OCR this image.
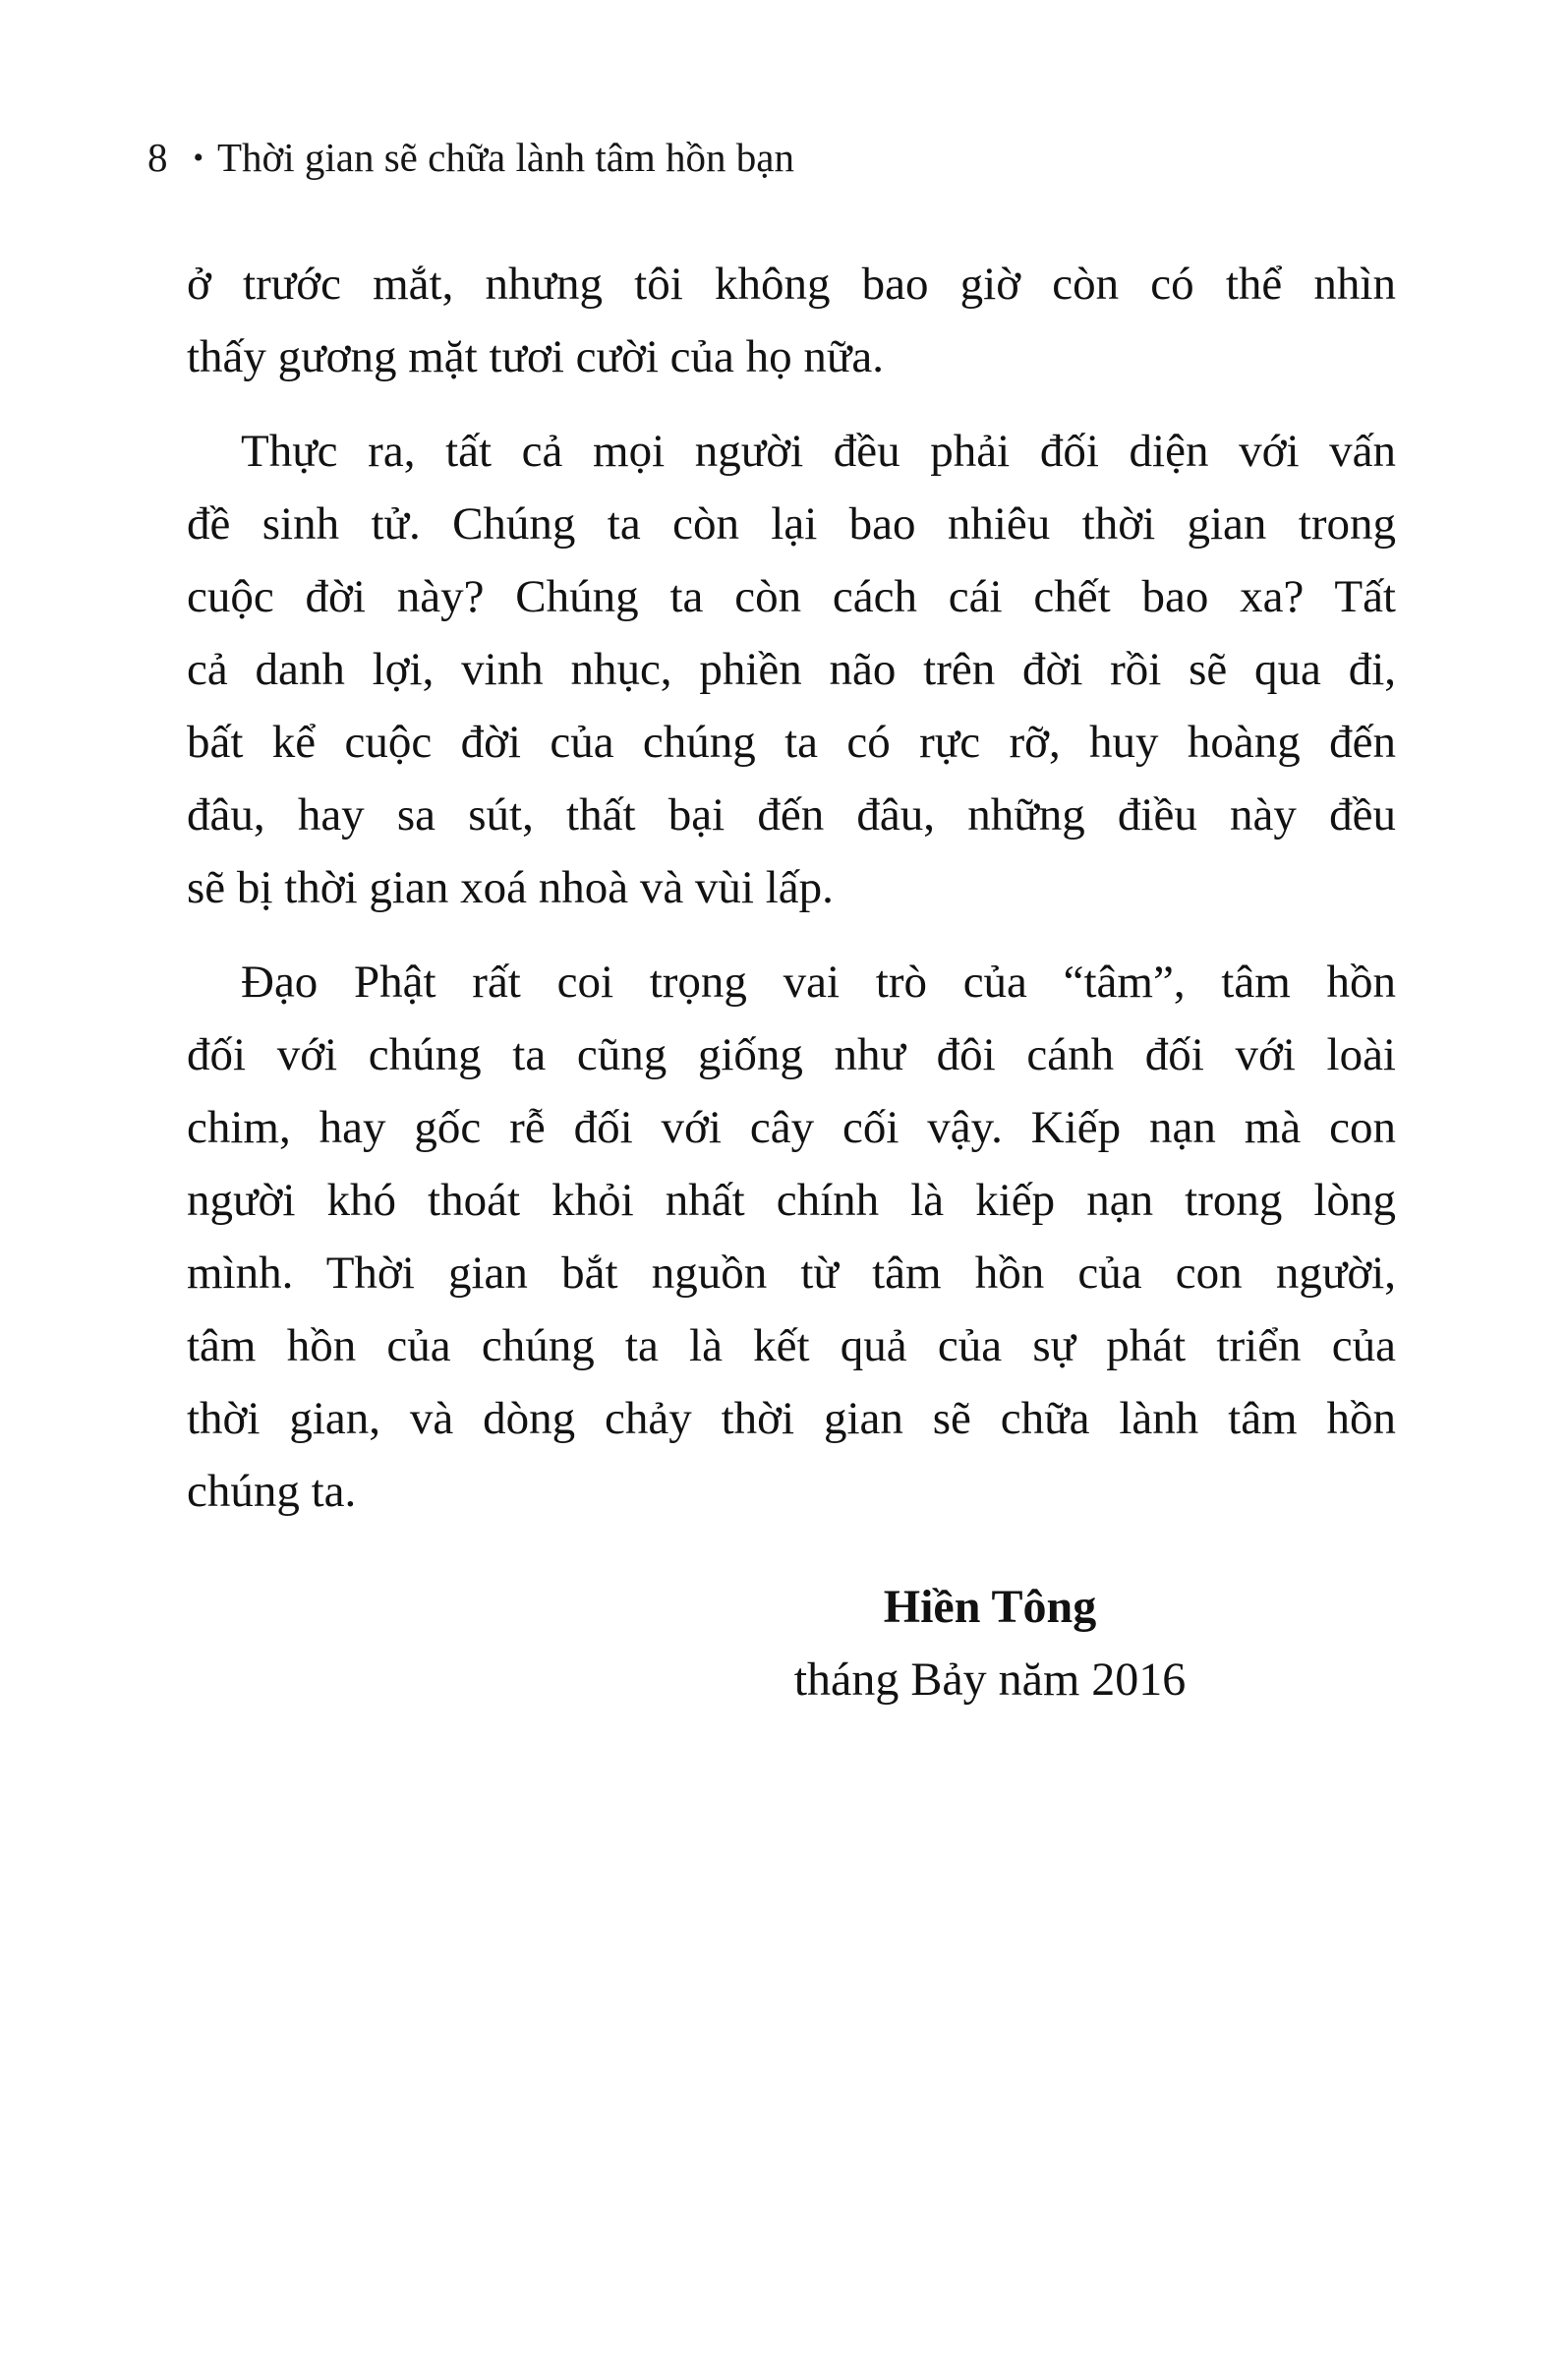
8 • Thời gian sẽ chữa lành tâm hồn bạn
ở trước mắt, nhưng tôi không bao giờ còn có thể nhìn
thấy gương mặt tươi cười của họ nữa.
Thực ra, tất cả mọi người đều phải đối diện với vấn
đề sinh tử. Chúng ta còn lại bao nhiêu thời gian trong
cuộc đời này? Chúng ta còn cách cái chết bao xa? Tất
cả danh lợi, vinh nhục, phiền não trên đời rồi sẽ qua đi,
bất kể cuộc đời của chúng ta có rực rỡ, huy hoàng đến
đâu, hay sa sút, thất bại đến đâu, những điều này đều
sẽ bị thời gian xoá nhoà và vùi lấp.
Đạo Phật rất coi trọng vai trò của “tâm”, tâm hồn
đối với chúng ta cũng giống như đôi cánh đối với loài
chim, hay gốc rễ đối với cây cối vậy. Kiếp nạn mà con
người khó thoát khỏi nhất chính là kiếp nạn trong lòng
mình. Thời gian bắt nguồn từ tâm hồn của con người,
tâm hồn của chúng ta là kết quả của sự phát triển của
thời gian, và dòng chảy thời gian sẽ chữa lành tâm hồn
chúng ta.
Hiền Tông
tháng Bảy năm 2016
